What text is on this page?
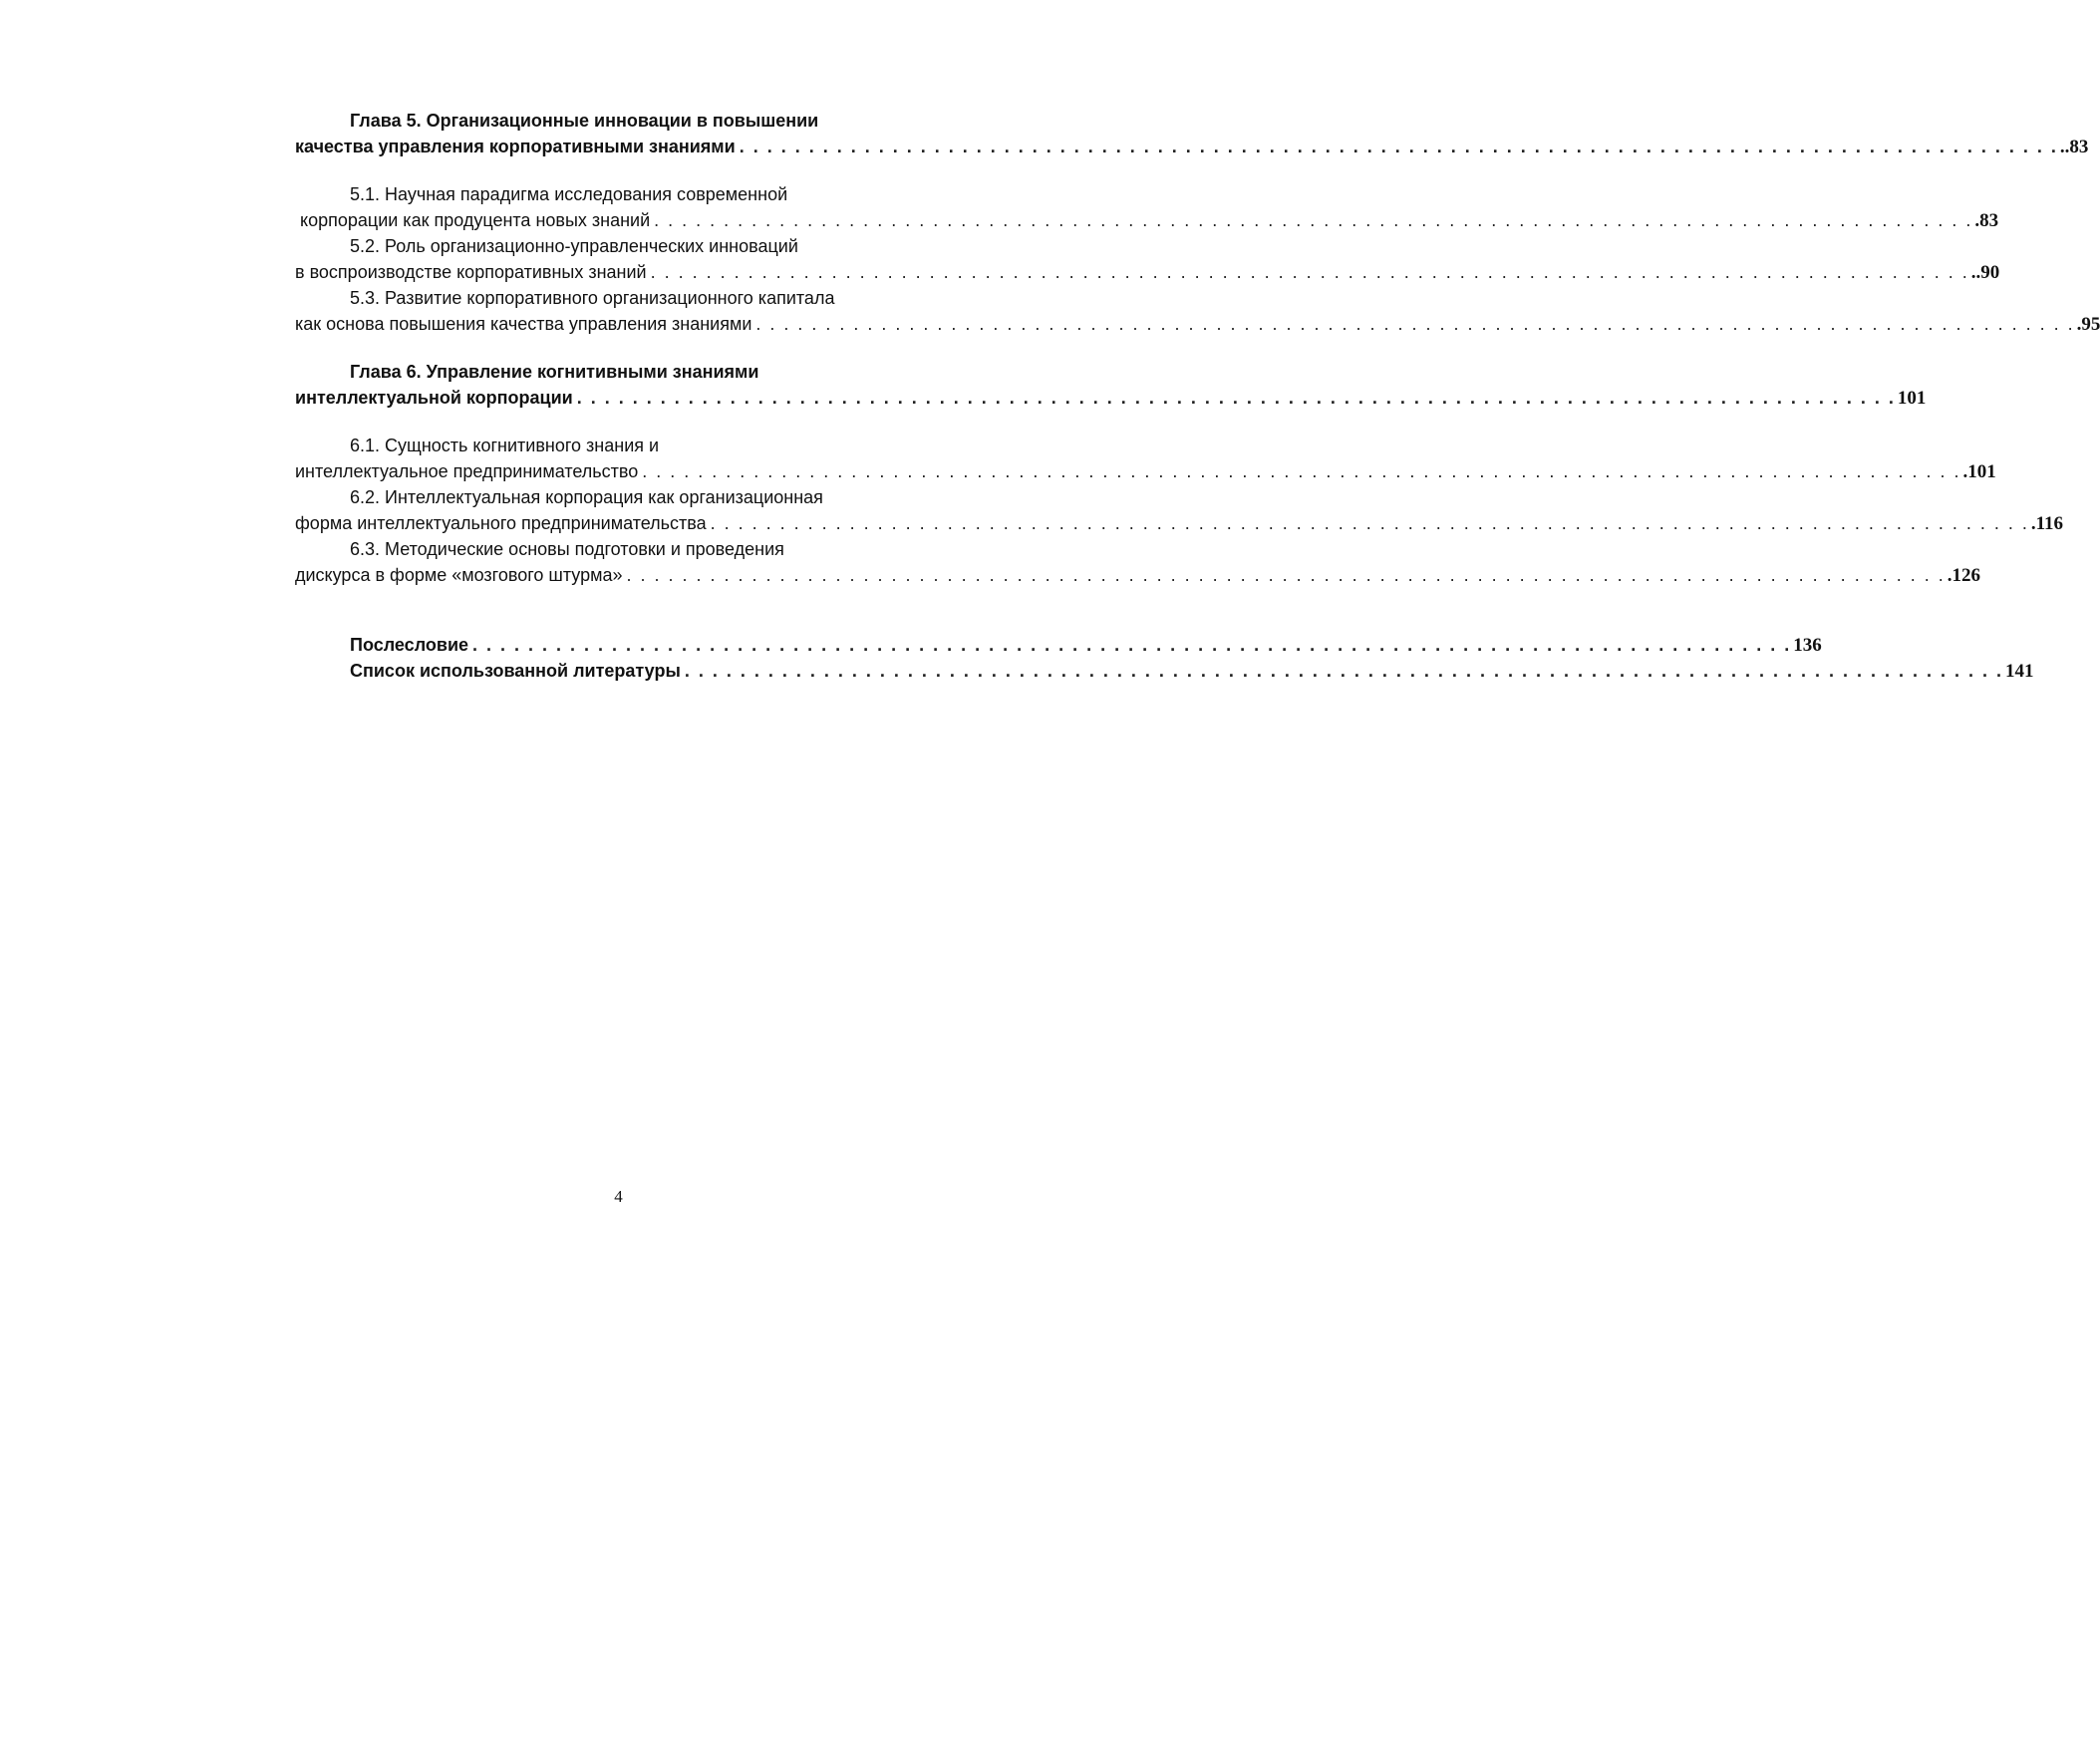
Глава 5. Организационные инновации в повышении
качества управления корпоративными знаниями . . . . . . . . . . . . . . . . . . . . . . . . . . . . . . . . . . . . . . . . . . . . . . . . . . . . . . . . . . . . . . . . . . . . . . . . . . . . . . . . . . . . . . . . . . . . . . . ..83
5.1. Научная парадигма исследования современной
корпорации как продуцента новых знаний . . . . . . . . . . . . . . . . . . . . . . . . . . . . . . . . . . . . . . . . . . . . . . . . . . . . . . . . . . . . . . . . . . . . . . . . . . . . . . . . . . . . . . . . . . . . . . . .83
5.2. Роль организационно-управленческих инноваций
в воспроизводстве корпоративных знаний . . . . . . . . . . . . . . . . . . . . . . . . . . . . . . . . . . . . . . . . . . . . . . . . . . . . . . . . . . . . . . . . . . . . . . . . . . . . . . . . . . . . . . . . . . . . . . . ..90
5.3. Развитие корпоративного организационного капитала
как основа повышения качества управления знаниями . . . . . . . . . . . . . . . . . . . . . . . . . . . . . . . . . . . . . . . . . . . . . . . . . . . . . . . . . . . . . . . . . . . . . . . . . . . . . . . . . . . . . . . . . . . . . . . .95
Глава 6. Управление когнитивными знаниями
интеллектуальной корпорации . . . . . . . . . . . . . . . . . . . . . . . . . . . . . . . . . . . . . . . . . . . . . . . . . . . . . . . . . . . . . . . . . . . . . . . . . . . . . . . . . . . . . . . . . . . . . . . 101
6.1. Сущность когнитивного знания и
интеллектуальное предпринимательство . . . . . . . . . . . . . . . . . . . . . . . . . . . . . . . . . . . . . . . . . . . . . . . . . . . . . . . . . . . . . . . . . . . . . . . . . . . . . . . . . . . . . . . . . . . . . . . .101
6.2. Интеллектуальная корпорация как организационная
форма интеллектуального предпринимательства . . . . . . . . . . . . . . . . . . . . . . . . . . . . . . . . . . . . . . . . . . . . . . . . . . . . . . . . . . . . . . . . . . . . . . . . . . . . . . . . . . . . . . . . . . . . . . . .116
6.3. Методические основы подготовки и проведения
дискурса в форме «мозгового штурма» . . . . . . . . . . . . . . . . . . . . . . . . . . . . . . . . . . . . . . . . . . . . . . . . . . . . . . . . . . . . . . . . . . . . . . . . . . . . . . . . . . . . . . . . . . . . . . . .126
Послесловие . . . . . . . . . . . . . . . . . . . . . . . . . . . . . . . . . . . . . . . . . . . . . . . . . . . . . . . . . . . . . . . . . . . . . . . . . . . . . . . . . . . . . . . . . . . . . . . 136
Список использованной литературы . . . . . . . . . . . . . . . . . . . . . . . . . . . . . . . . . . . . . . . . . . . . . . . . . . . . . . . . . . . . . . . . . . . . . . . . . . . . . . . . . . . . . . . . . . . . . . . 141
4
